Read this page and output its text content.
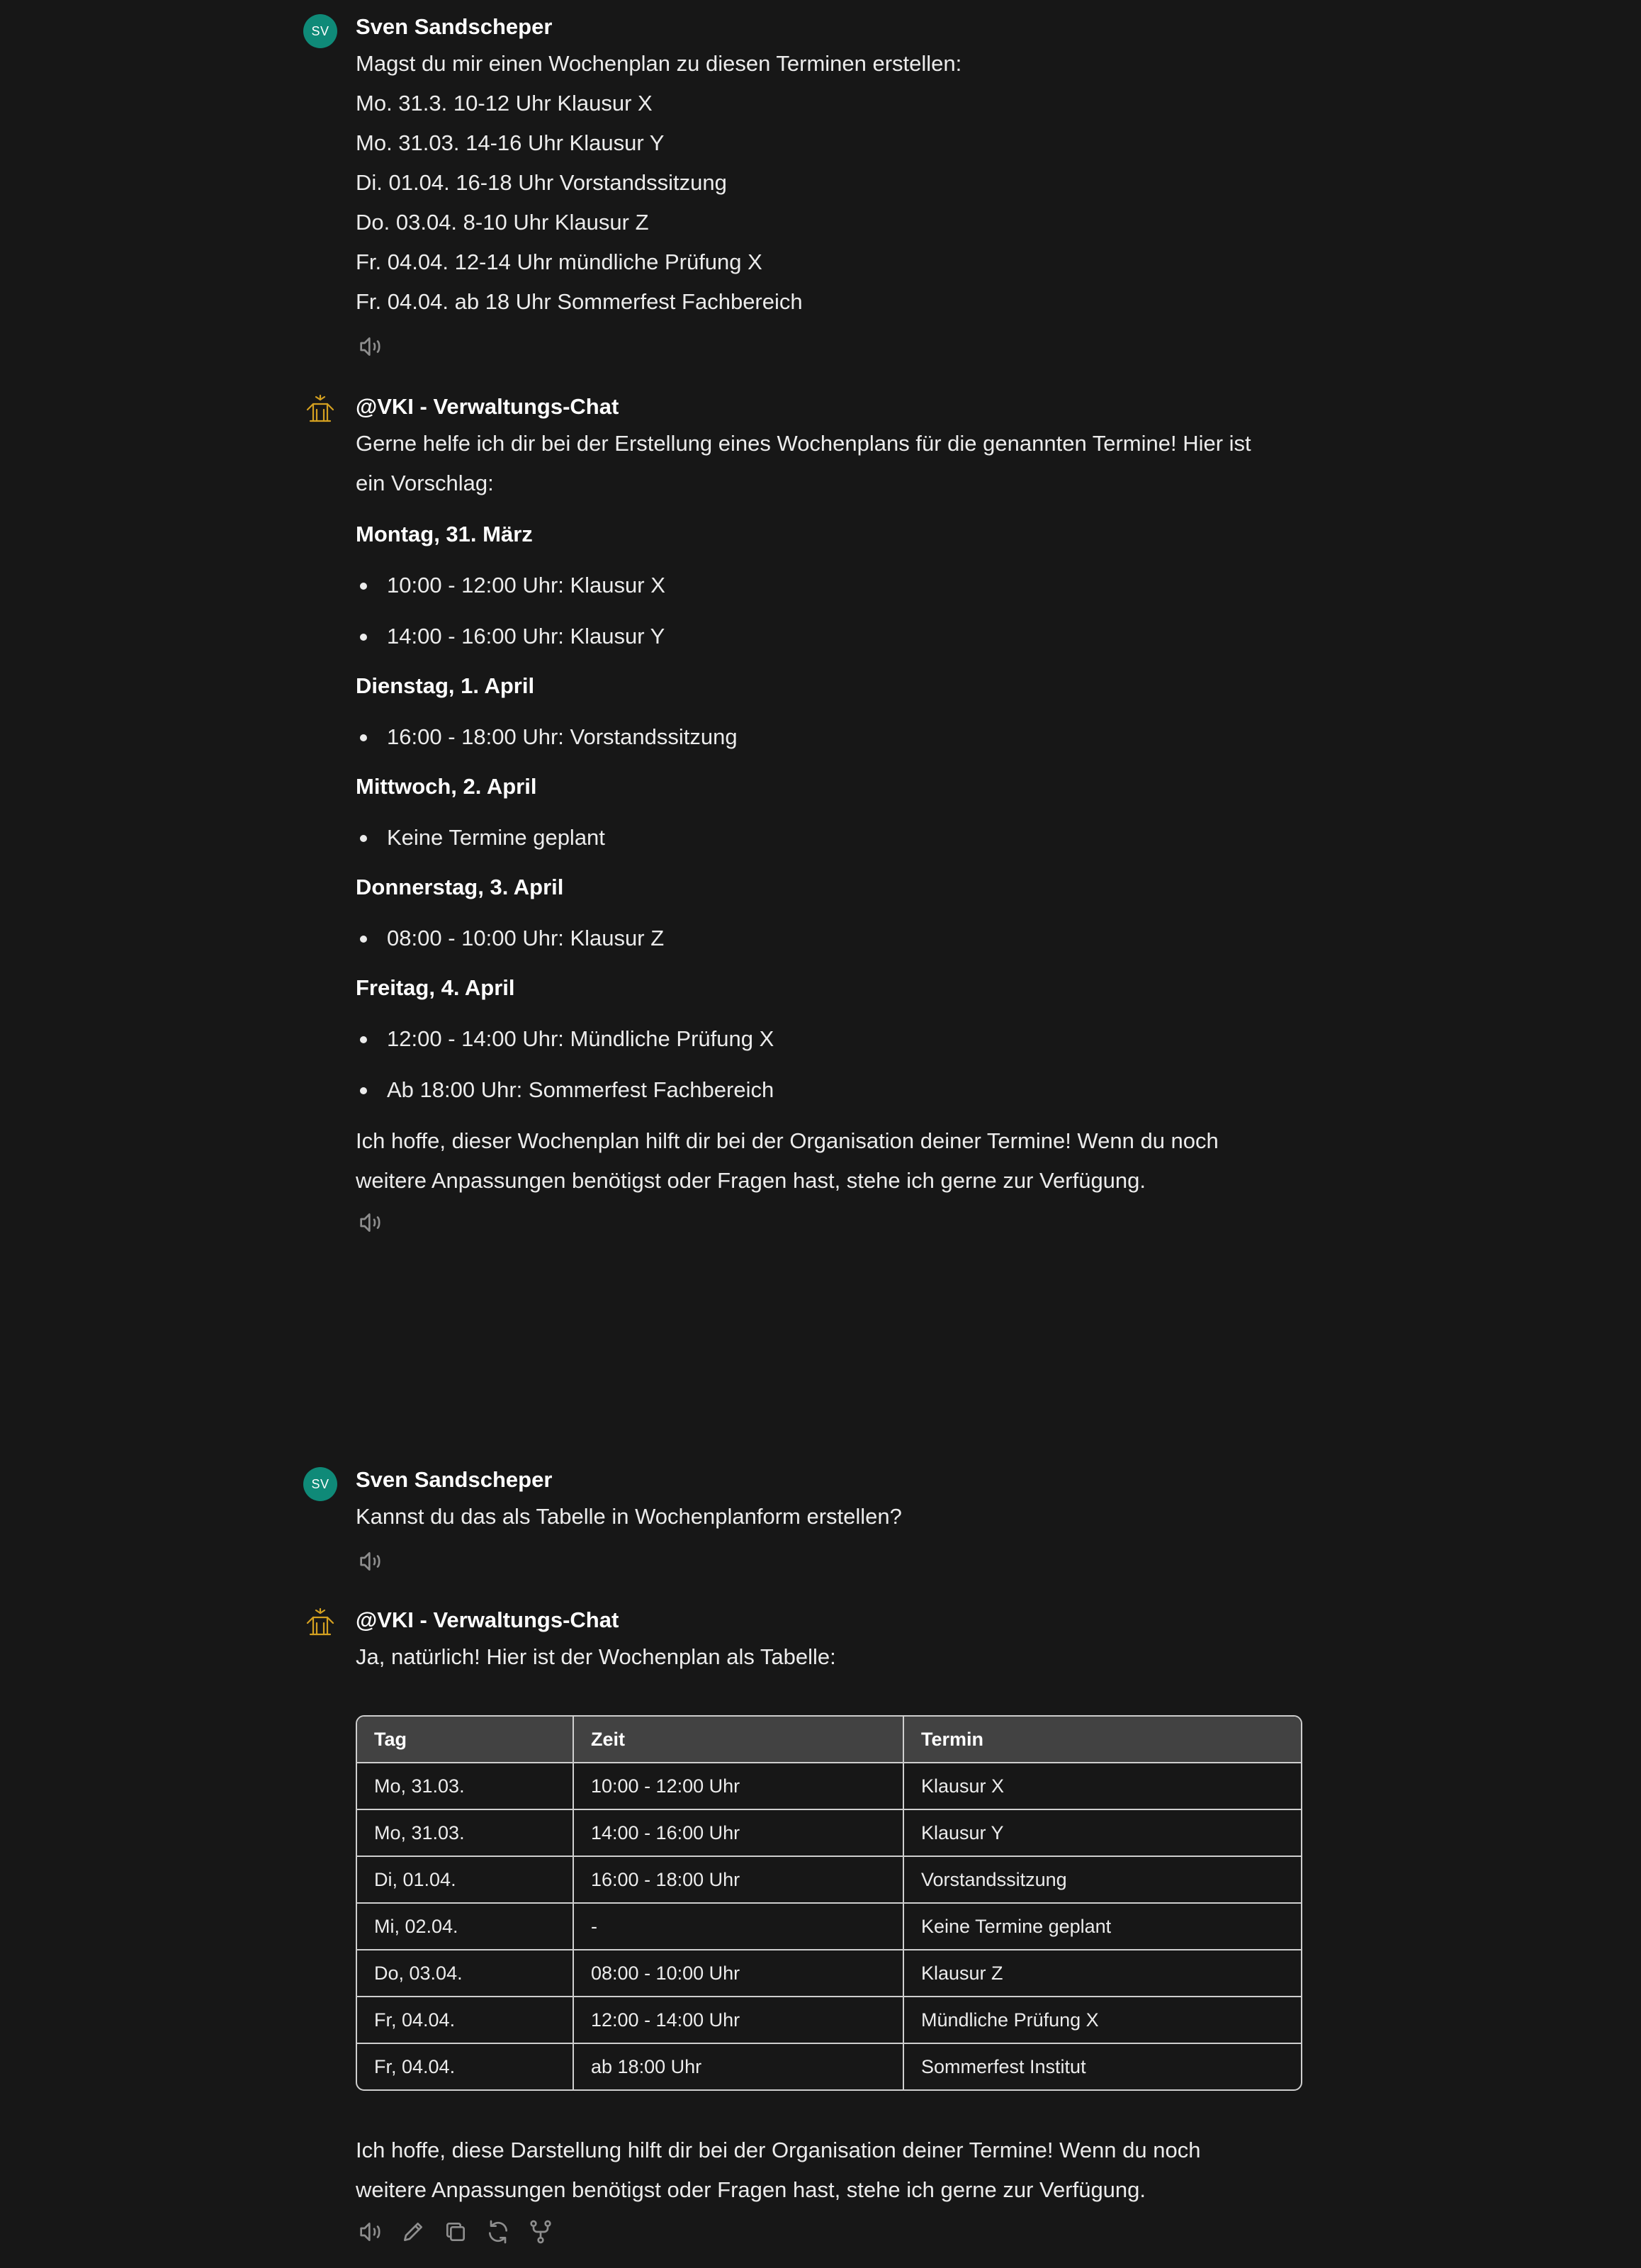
SV	Sven Sandscheper
Magst du mir einen Wochenplan zu diesen Terminen erstellen:
Mo. 31.3. 10-12 Uhr Klausur X
Mo. 31.03. 14-16 Uhr Klausur Y
Di. 01.04. 16-18 Uhr Vorstandssitzung
Do. 03.04. 8-10 Uhr Klausur Z
Fr. 04.04. 12-14 Uhr mündliche Prüfung X
Fr. 04.04. ab 18 Uhr Sommerfest Fachbereich
@VKI - Verwaltungs-Chat
Gerne helfe ich dir bei der Erstellung eines Wochenplans für die genannten Termine! Hier ist
ein Vorschlag:
Montag, 31. März
10:00 - 12:00 Uhr: Klausur X
14:00 - 16:00 Uhr: Klausur Y
Dienstag, 1. April
16:00 - 18:00 Uhr: Vorstandssitzung
Mittwoch, 2. April
Keine Termine geplant
Donnerstag, 3. April
08:00 - 10:00 Uhr: Klausur Z
Freitag, 4. April
12:00 - 14:00 Uhr: Mündliche Prüfung X
Ab 18:00 Uhr: Sommerfest Fachbereich
Ich hoffe, dieser Wochenplan hilft dir bei der Organisation deiner Termine! Wenn du noch
weitere Anpassungen benötigst oder Fragen hast, stehe ich gerne zur Verfügung.
SV	Sven Sandscheper
Kannst du das als Tabelle in Wochenplanform erstellen?
@VKI - Verwaltungs-Chat
Ja, natürlich! Hier ist der Wochenplan als Tabelle:
Tag	Zeit	Termin
Mo, 31.03.	10:00 - 12:00 Uhr	Klausur X
Mo, 31.03.	14:00 - 16:00 Uhr	Klausur Y
Di, 01.04.	16:00 - 18:00 Uhr	Vorstandssitzung
Mi, 02.04.	-	Keine Termine geplant
Do, 03.04.	08:00 - 10:00 Uhr	Klausur Z
Fr, 04.04.	12:00 - 14:00 Uhr	Mündliche Prüfung X
Fr, 04.04.	ab 18:00 Uhr	Sommerfest Institut
Ich hoffe, diese Darstellung hilft dir bei der Organisation deiner Termine! Wenn du noch
weitere Anpassungen benötigst oder Fragen hast, stehe ich gerne zur Verfügung.
